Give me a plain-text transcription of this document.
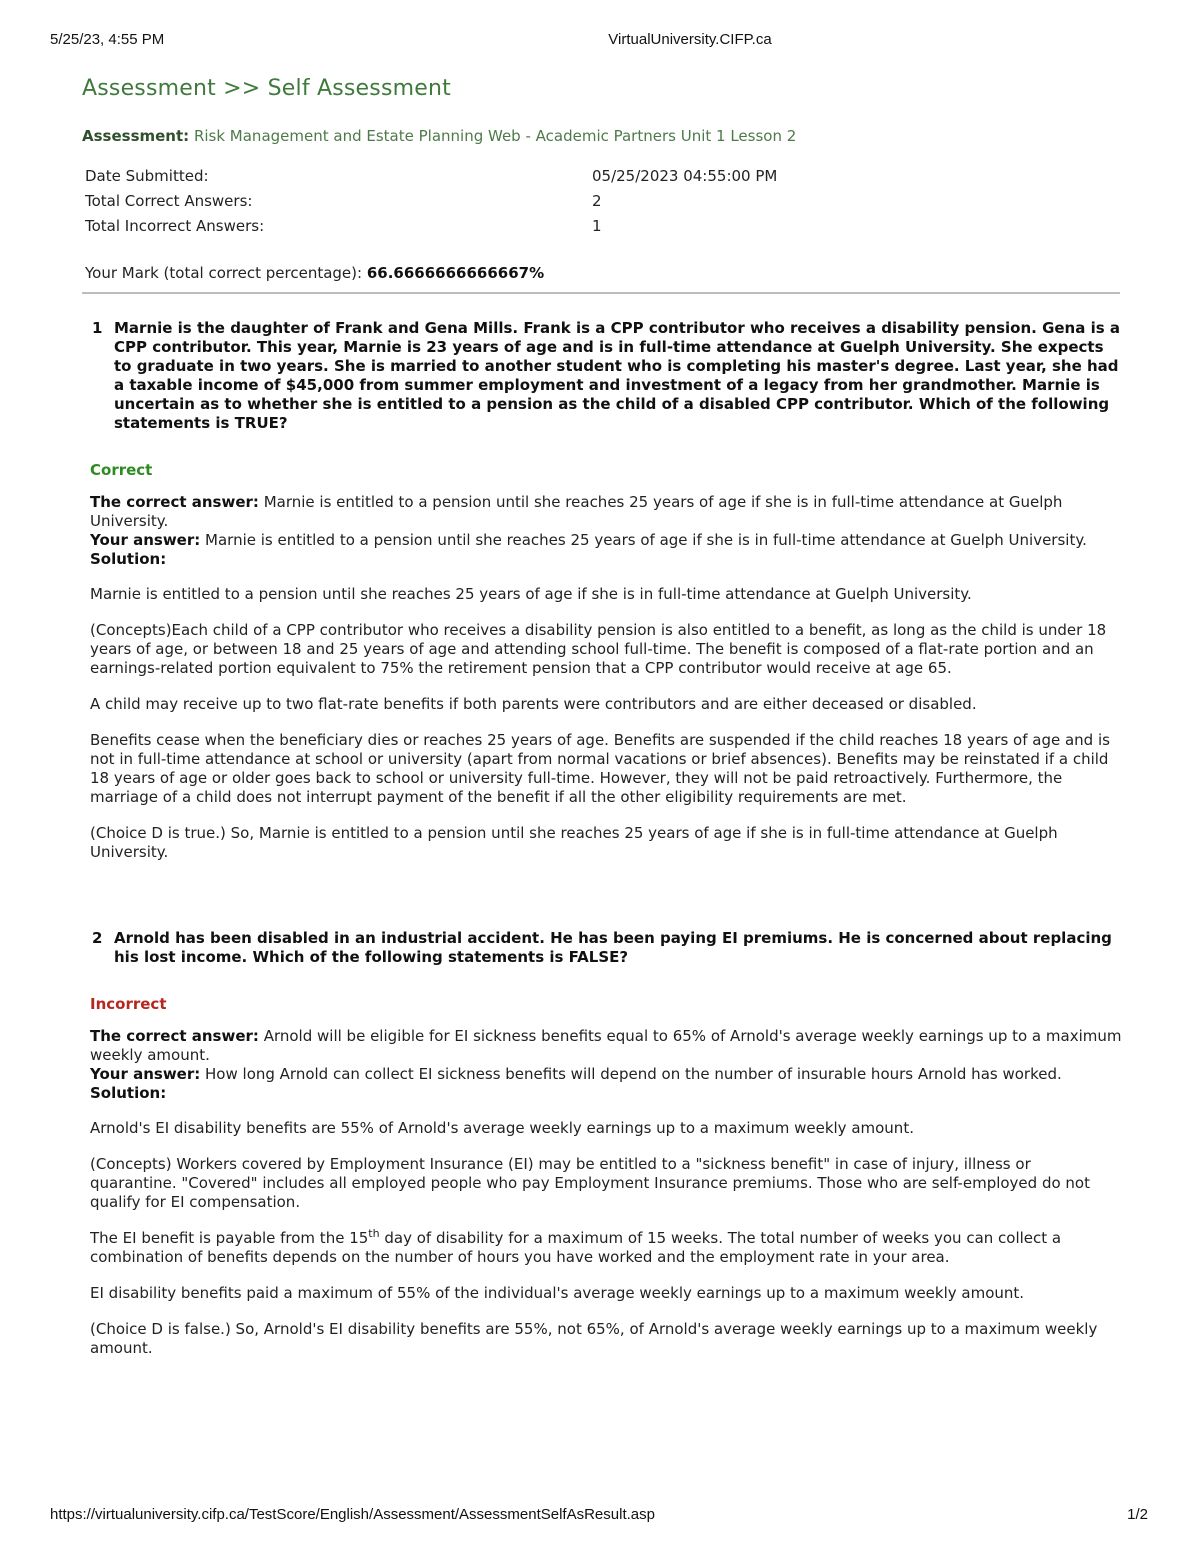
5/25/23, 4:55 PM	VirtualUniversity.CIFP.ca
Assessment >> Self Assessment
Assessment: Risk Management and Estate Planning Web - Academic Partners Unit 1 Lesson 2
Date Submitted:	05/25/2023 04:55:00 PM
Total Correct Answers:	2
Total Incorrect Answers:	1
Your Mark (total correct percentage): 66.6666666666667%
1 Marnie is the daughter of Frank and Gena Mills. Frank is a CPP contributor who receives a disability pension. Gena is a CPP contributor. This year, Marnie is 23 years of age and is in full-time attendance at Guelph University. She expects to graduate in two years. She is married to another student who is completing his master's degree. Last year, she had a taxable income of $45,000 from summer employment and investment of a legacy from her grandmother. Marnie is uncertain as to whether she is entitled to a pension as the child of a disabled CPP contributor. Which of the following statements is TRUE?
Correct
The correct answer: Marnie is entitled to a pension until she reaches 25 years of age if she is in full-time attendance at Guelph University.
Your answer: Marnie is entitled to a pension until she reaches 25 years of age if she is in full-time attendance at Guelph University.
Solution:
Marnie is entitled to a pension until she reaches 25 years of age if she is in full-time attendance at Guelph University.
(Concepts)Each child of a CPP contributor who receives a disability pension is also entitled to a benefit, as long as the child is under 18 years of age, or between 18 and 25 years of age and attending school full-time. The benefit is composed of a flat-rate portion and an earnings-related portion equivalent to 75% the retirement pension that a CPP contributor would receive at age 65.
A child may receive up to two flat-rate benefits if both parents were contributors and are either deceased or disabled.
Benefits cease when the beneficiary dies or reaches 25 years of age. Benefits are suspended if the child reaches 18 years of age and is not in full-time attendance at school or university (apart from normal vacations or brief absences). Benefits may be reinstated if a child 18 years of age or older goes back to school or university full-time. However, they will not be paid retroactively. Furthermore, the marriage of a child does not interrupt payment of the benefit if all the other eligibility requirements are met.
(Choice D is true.) So, Marnie is entitled to a pension until she reaches 25 years of age if she is in full-time attendance at Guelph University.
2 Arnold has been disabled in an industrial accident. He has been paying EI premiums. He is concerned about replacing his lost income. Which of the following statements is FALSE?
Incorrect
The correct answer: Arnold will be eligible for EI sickness benefits equal to 65% of Arnold's average weekly earnings up to a maximum weekly amount.
Your answer: How long Arnold can collect EI sickness benefits will depend on the number of insurable hours Arnold has worked.
Solution:
Arnold's EI disability benefits are 55% of Arnold's average weekly earnings up to a maximum weekly amount.
(Concepts) Workers covered by Employment Insurance (EI) may be entitled to a "sickness benefit" in case of injury, illness or quarantine. "Covered" includes all employed people who pay Employment Insurance premiums. Those who are self-employed do not qualify for EI compensation.
The EI benefit is payable from the 15th day of disability for a maximum of 15 weeks. The total number of weeks you can collect a combination of benefits depends on the number of hours you have worked and the employment rate in your area.
EI disability benefits paid a maximum of 55% of the individual's average weekly earnings up to a maximum weekly amount.
(Choice D is false.) So, Arnold's EI disability benefits are 55%, not 65%, of Arnold's average weekly earnings up to a maximum weekly amount.
https://virtualuniversity.cifp.ca/TestScore/English/Assessment/AssessmentSelfAsResult.asp	1/2
